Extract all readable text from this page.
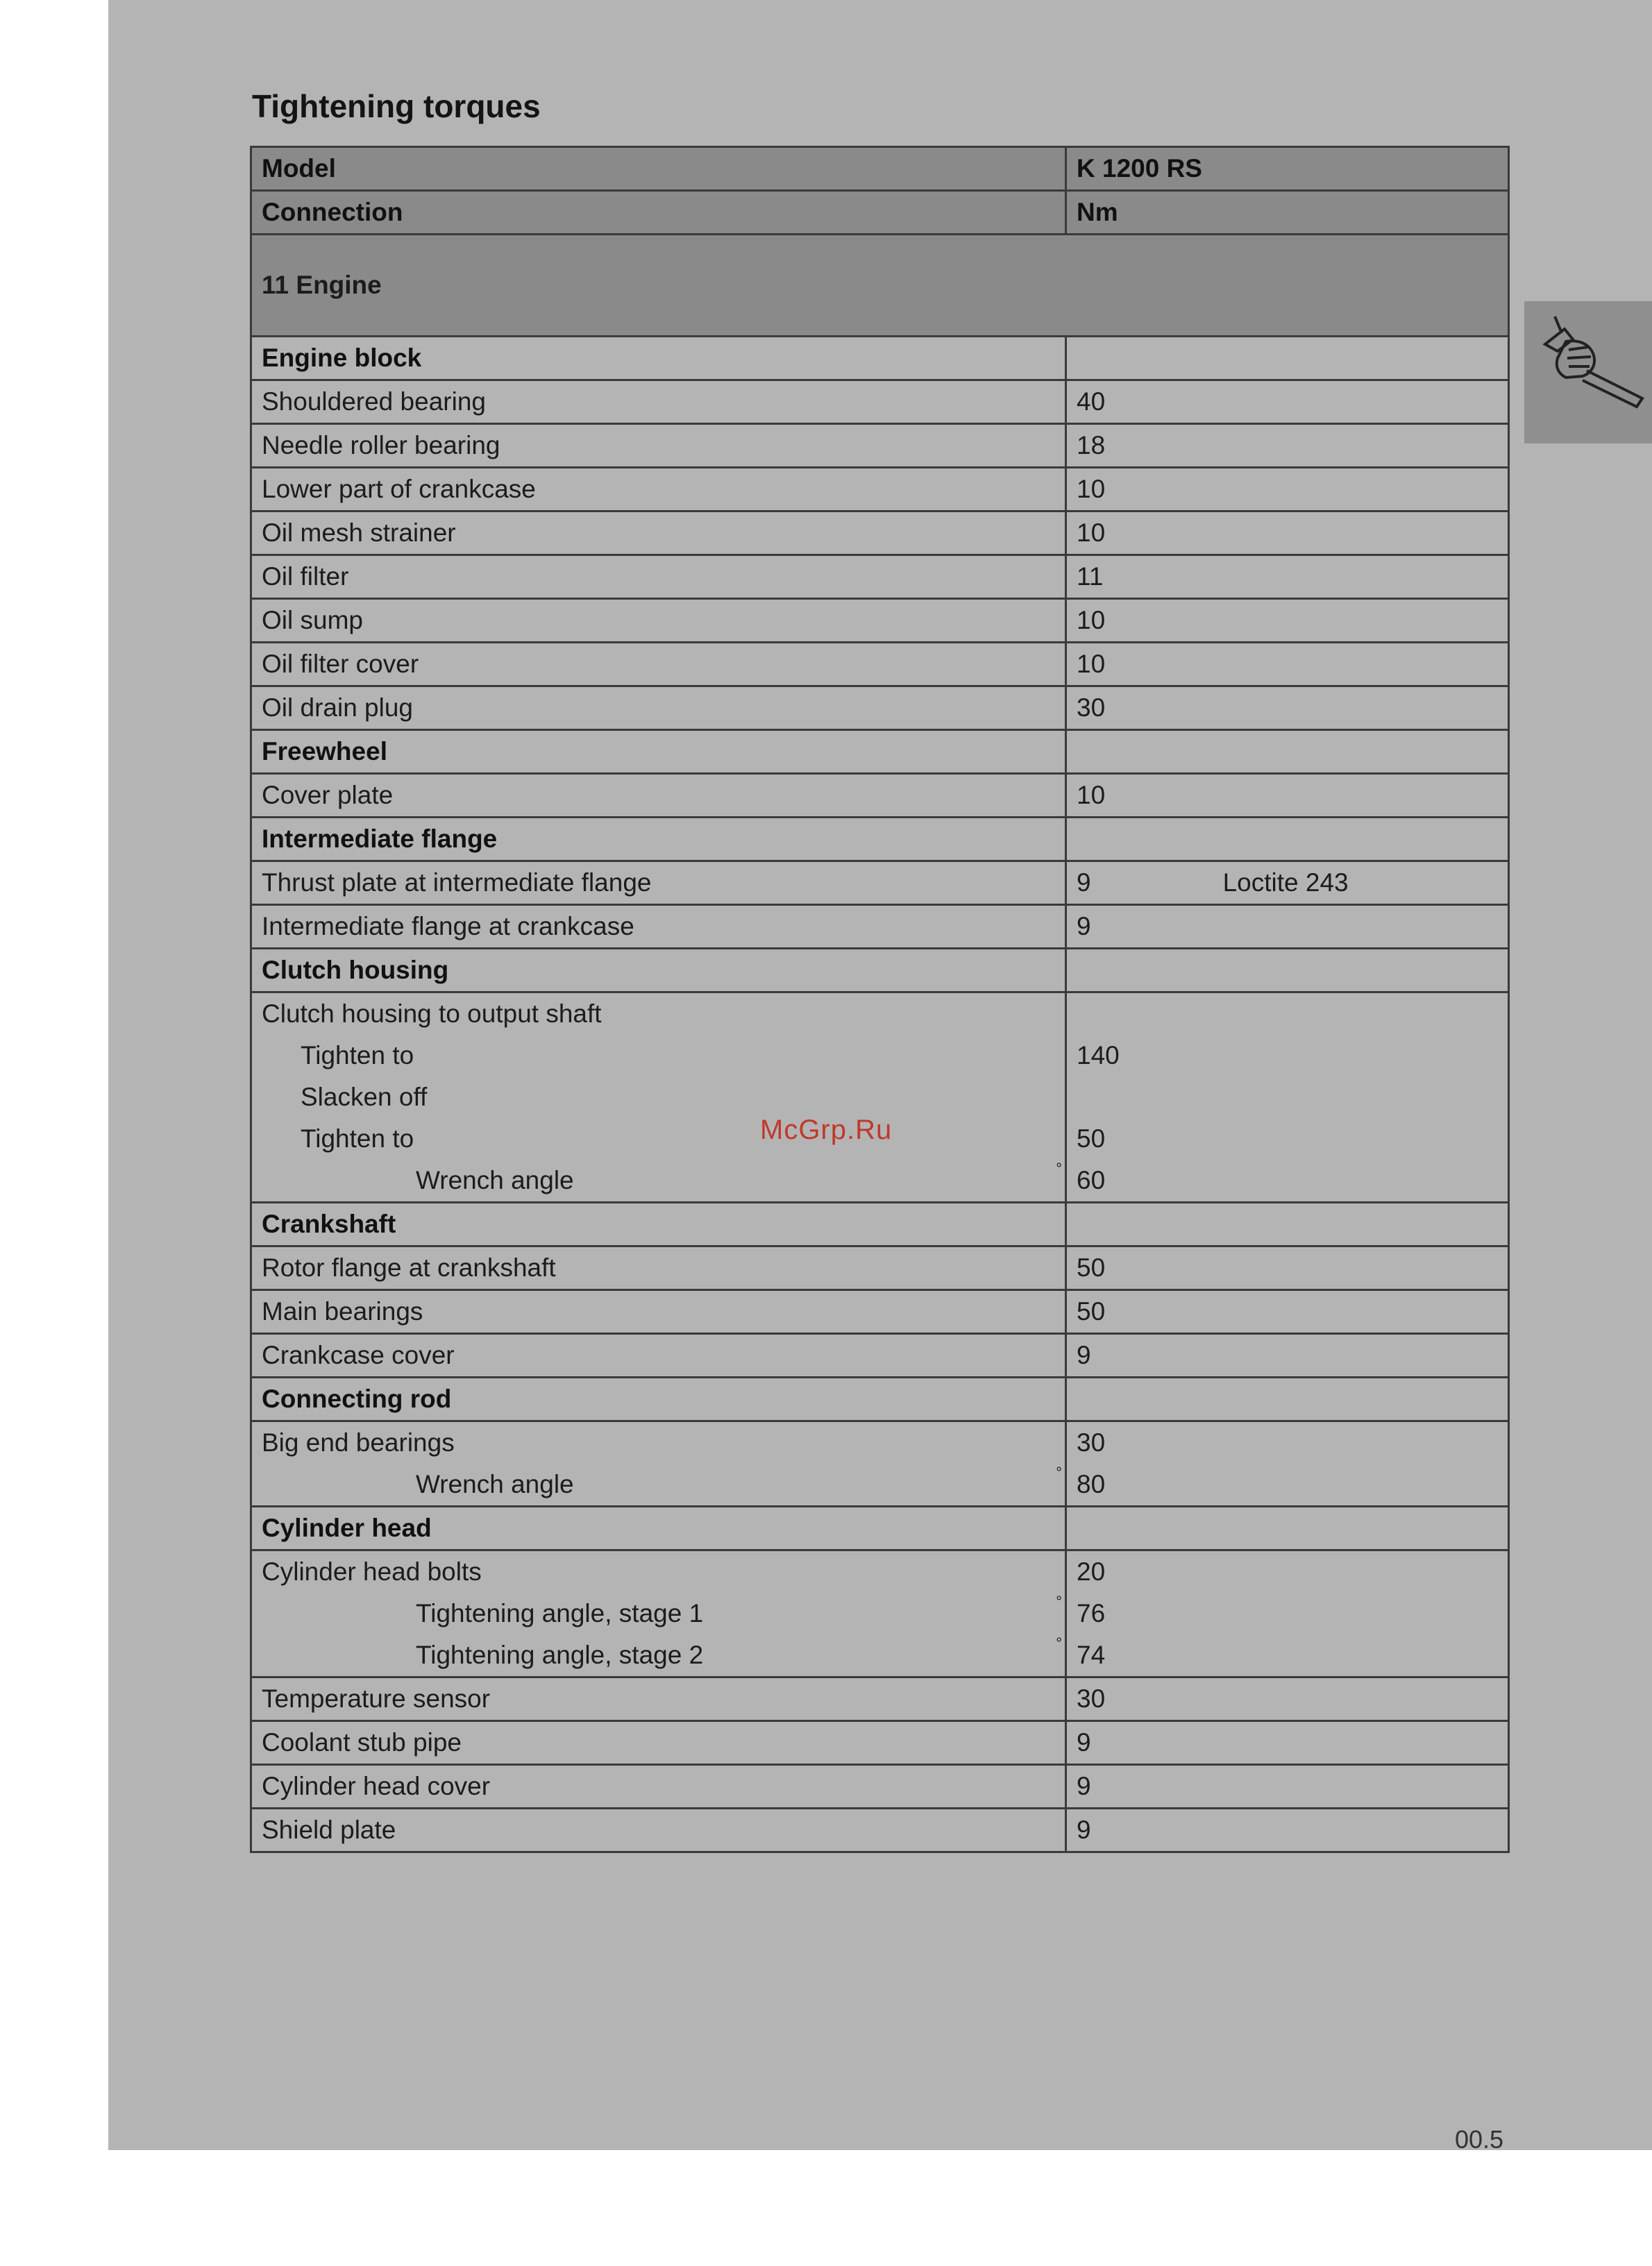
Tightening torques
Model	K 1200 RS
Connection	Nm
11 Engine	
Engine block	
Shouldered bearing	40
Needle roller bearing	18
Lower part of crankcase	10
Oil mesh strainer	10
Oil filter	11
Oil sump	10
Oil filter cover	10
Oil drain plug	30
Freewheel	
Cover plate	10
Intermediate flange	
Thrust plate at intermediate flange	9 Loctite 243
Intermediate flange at crankcase	9
Clutch housing	
Clutch housing to output shaft	
Tighten to	140
Slacken off	
Tighten to	50
Wrench angle °	60
Crankshaft	
Rotor flange at crankshaft	50
Main bearings	50
Crankcase cover	9
Connecting rod	
Big end bearings	30
Wrench angle °	80
Cylinder head	
Cylinder head bolts	20
Tightening angle, stage 1 °	76
Tightening angle, stage 2 °	74
Temperature sensor	30
Coolant stub pipe	9
Cylinder head cover	9
Shield plate	9
McGrp.Ru
00.5
